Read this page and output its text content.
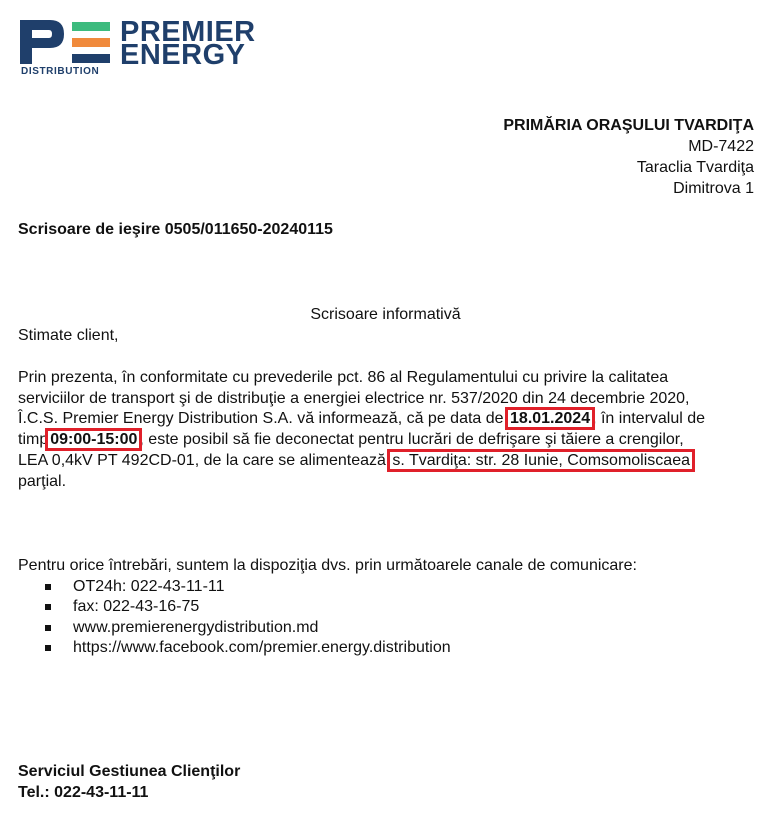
DISTRIBUTION
PREMIER
ENERGY
PRIMĂRIA ORAŞULUI TVARDIŢA
MD-7422
Taraclia Tvardiţa
Dimitrova 1
Scrisoare de ieşire 0505/011650-20240115
Scrisoare informativă
Stimate client,
Prin prezenta, în conformitate cu prevederile pct. 86 al Regulamentului cu privire la calitatea
serviciilor de transport şi de distribuţie a energiei electrice nr. 537/2020 din 24 decembrie 2020,
Î.C.S. Premier Energy Distribution S.A. vă informează, că pe data de 18.01.2024 , în intervalul de
timp 09:00-15:00 , este posibil să fie deconectat pentru lucrări de defrişare şi tăiere a crengilor,
LEA 0,4kV PT 492CD-01, de la care se alimentează s. Tvardiţa: str. 28 Iunie, Comsomoliscaea
parţial.
Pentru orice întrebări, suntem la dispoziţia dvs. prin următoarele canale de comunicare:
OT24h: 022-43-11-11
fax: 022-43-16-75
www.premierenergydistribution.md
https://www.facebook.com/premier.energy.distribution
Serviciul Gestiunea Clienţilor
Tel.: 022-43-11-11
